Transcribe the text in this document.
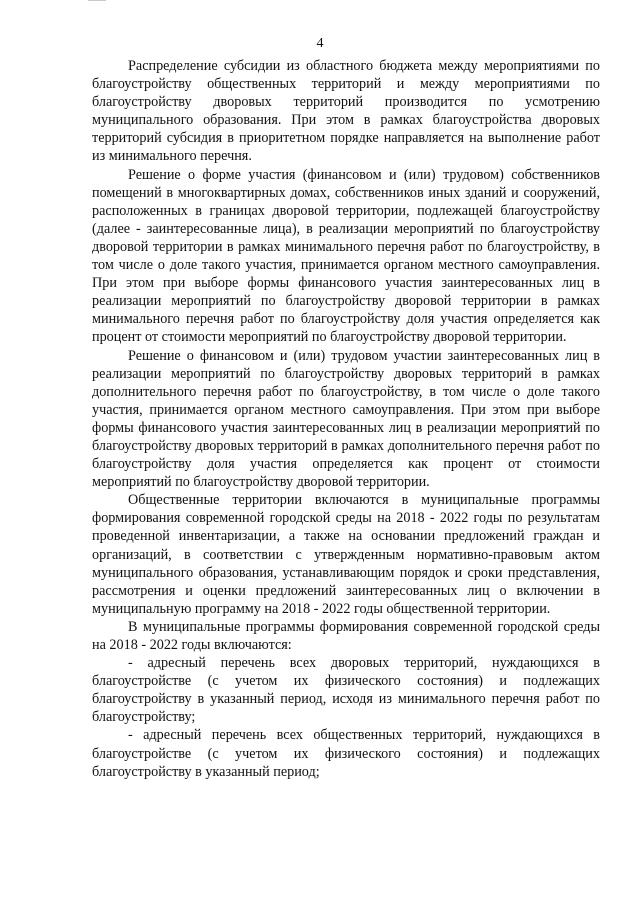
4

Распределение субсидии из областного бюджета между мероприятиями по благоустройству общественных территорий и между мероприятиями по благоустройству дворовых территорий производится по усмотрению муниципального образования. При этом в рамках благоустройства дворовых территорий субсидия в приоритетном порядке направляется на выполнение работ из минимального перечня.

Решение о форме участия (финансовом и (или) трудовом) собственников помещений в многоквартирных домах, собственников иных зданий и сооружений, расположенных в границах дворовой территории, подлежащей благоустройству (далее - заинтересованные лица), в реализации мероприятий по благоустройству дворовой территории в рамках минимального перечня работ по благоустройству, в том числе о доле такого участия, принимается органом местного самоуправления. При этом при выборе формы финансового участия заинтересованных лиц в реализации мероприятий по благоустройству дворовой территории в рамках минимального перечня работ по благоустройству доля участия определяется как процент от стоимости мероприятий по благоустройству дворовой территории.

Решение о финансовом и (или) трудовом участии заинтересованных лиц в реализации мероприятий по благоустройству дворовых территорий в рамках дополнительного перечня работ по благоустройству, в том числе о доле такого участия, принимается органом местного самоуправления. При этом при выборе формы финансового участия заинтересованных лиц в реализации мероприятий по благоустройству дворовых территорий в рамках дополнительного перечня работ по благоустройству доля участия определяется как процент от стоимости мероприятий по благоустройству дворовой территории.

Общественные территории включаются в муниципальные программы формирования современной городской среды на 2018 - 2022 годы по результатам проведенной инвентаризации, а также на основании предложений граждан и организаций, в соответствии с утвержденным нормативно-правовым актом муниципального образования, устанавливающим порядок и сроки представления, рассмотрения и оценки предложений заинтересованных лиц о включении в муниципальную программу на 2018 - 2022 годы общественной территории.

В муниципальные программы формирования современной городской среды на 2018 - 2022 годы включаются:

- адресный перечень всех дворовых территорий, нуждающихся в благоустройстве (с учетом их физического состояния) и подлежащих благоустройству в указанный период, исходя из минимального перечня работ по благоустройству;

- адресный перечень всех общественных территорий, нуждающихся в благоустройстве (с учетом их физического состояния) и подлежащих благоустройству в указанный период;
